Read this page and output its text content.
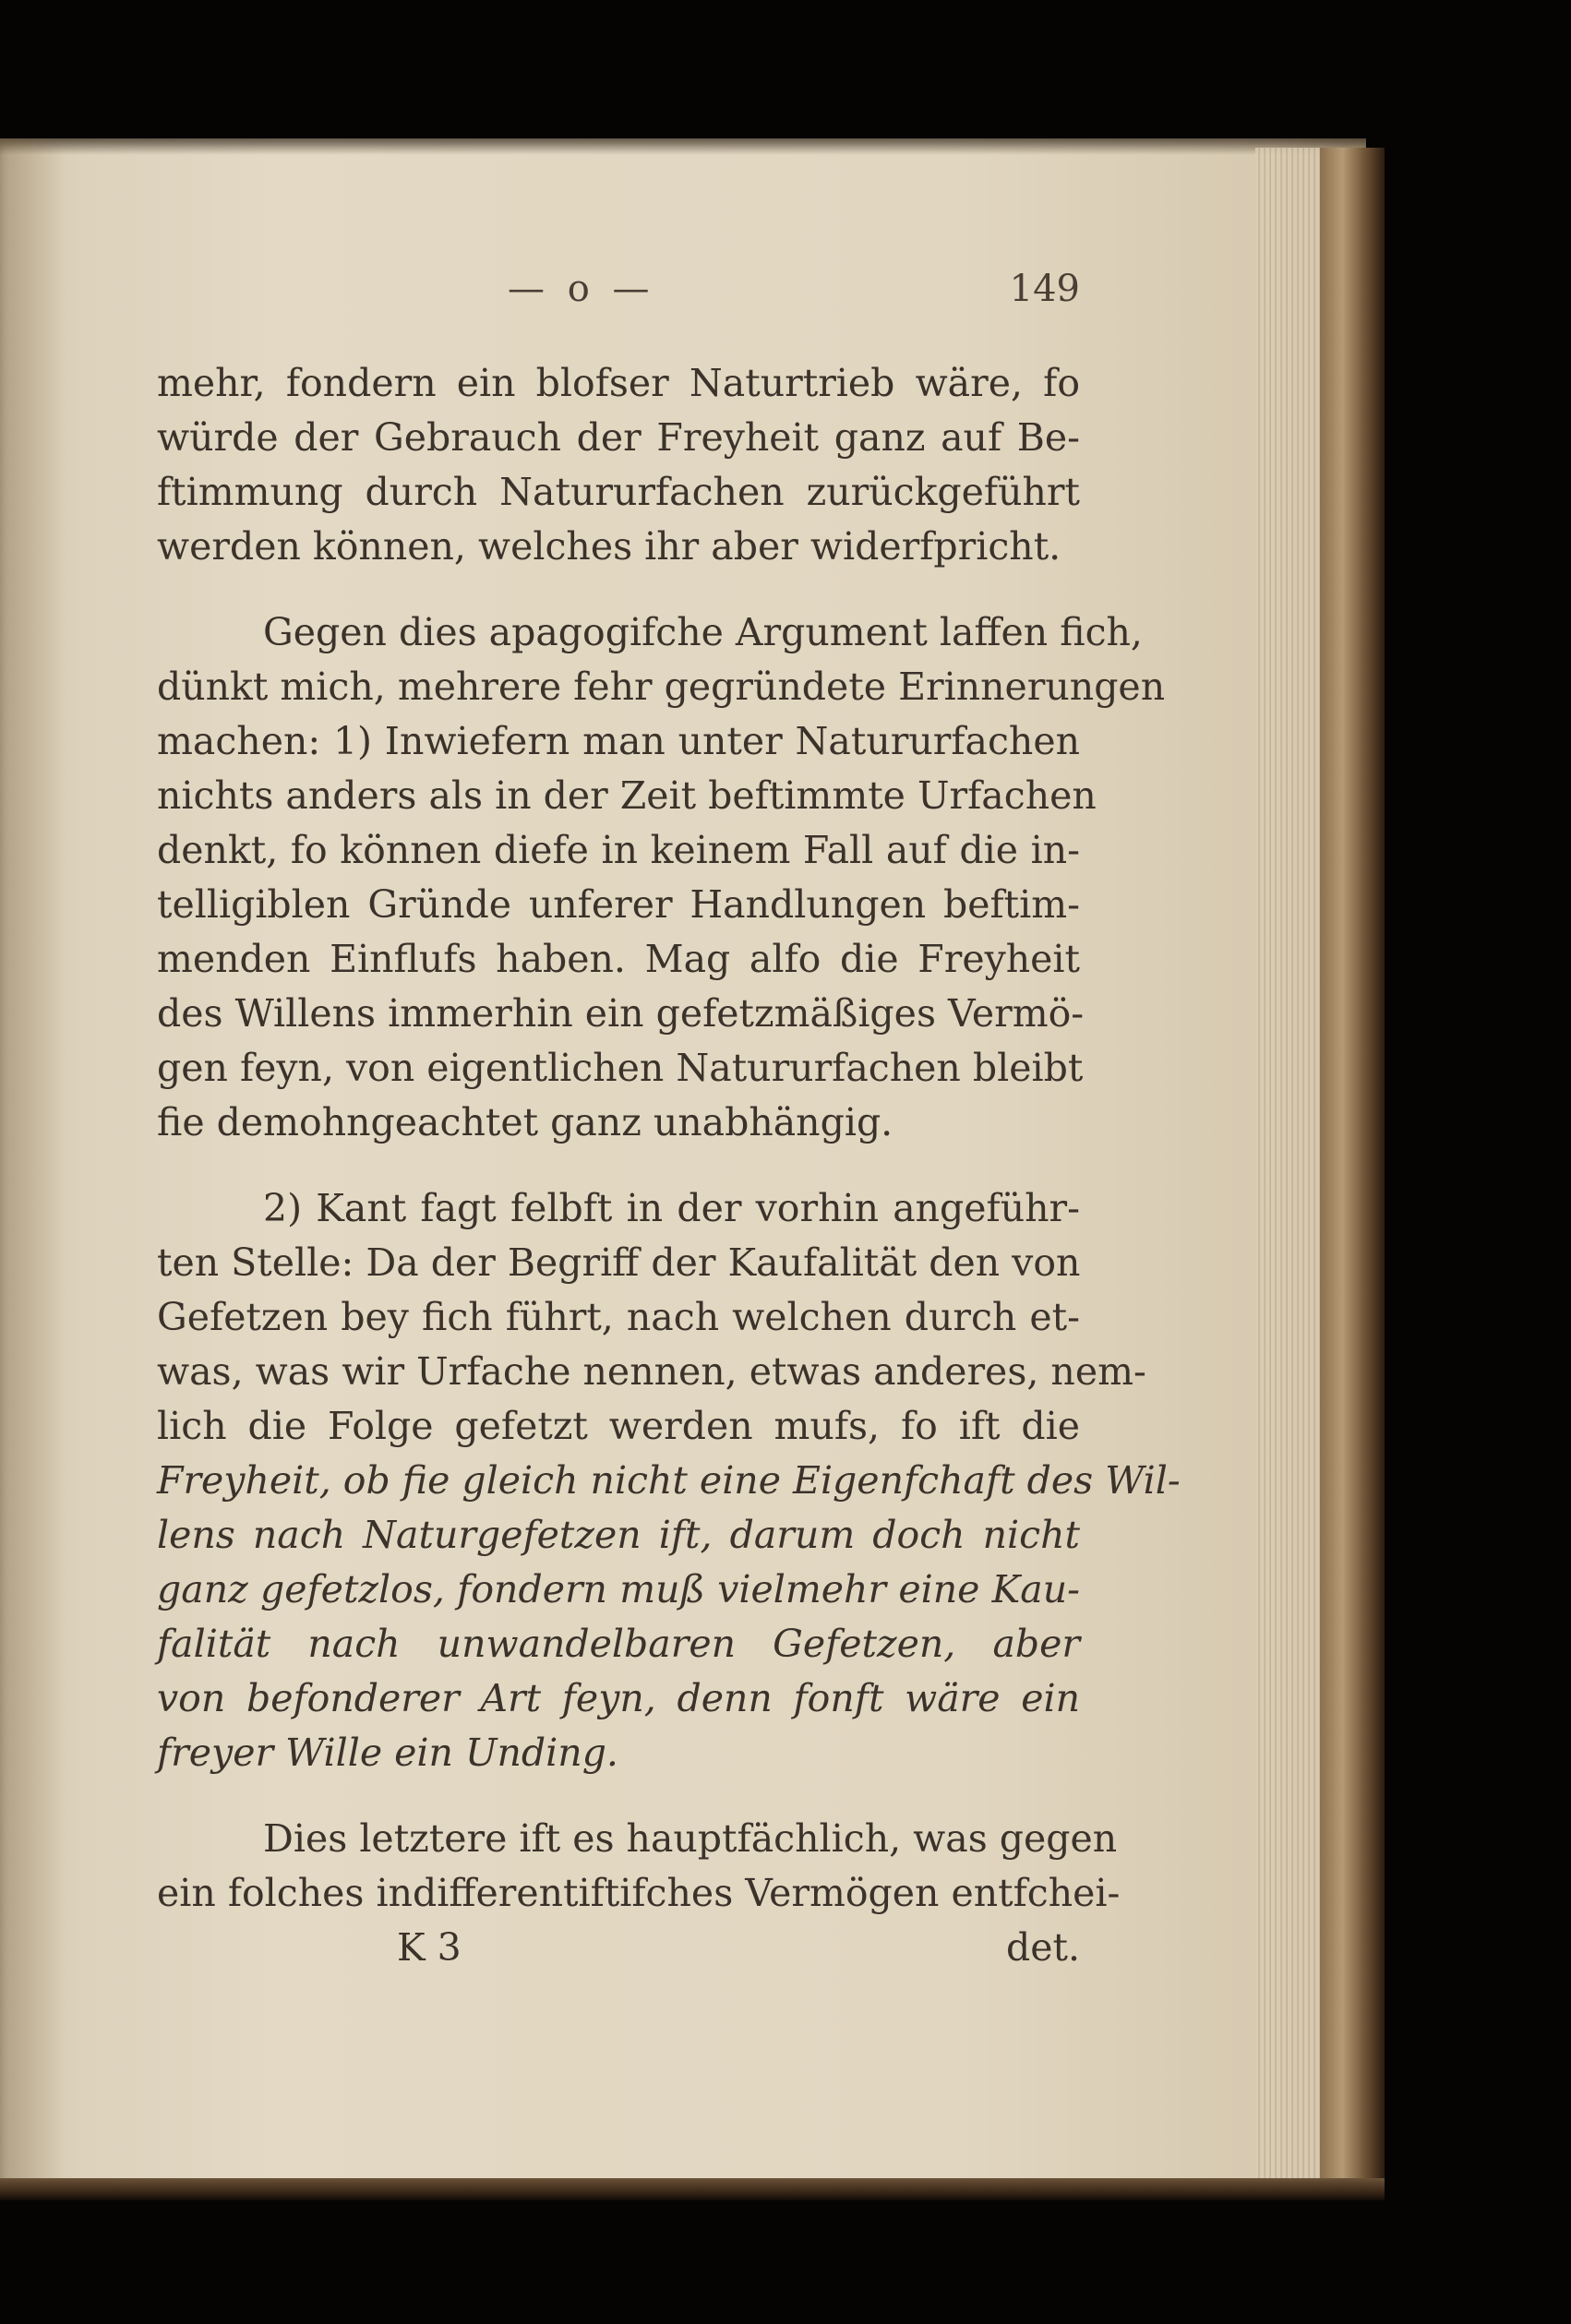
— o —	149
mehr, fondern ein blofser Naturtrieb wäre, fo
würde der Gebrauch der Freyheit ganz auf Be-
ftimmung durch Natururfachen zurückgeführt
werden können, welches ihr aber widerfpricht.
Gegen dies apagogifche Argument laffen fich,
dünkt mich, mehrere fehr gegründete Erinnerungen
machen: 1) Inwiefern man unter Natururfachen
nichts anders als in der Zeit beftimmte Urfachen
denkt, fo können diefe in keinem Fall auf die in-
telligiblen Gründe unferer Handlungen beftim-
menden Einflufs haben. Mag alfo die Freyheit
des Willens immerhin ein gefetzmäßiges Vermö-
gen feyn, von eigentlichen Natururfachen bleibt
fie demohngeachtet ganz unabhängig.
2) Kant fagt felbft in der vorhin angeführ-
ten Stelle: Da der Begriff der Kaufalität den von
Gefetzen bey fich führt, nach welchen durch et-
was, was wir Urfache nennen, etwas anderes, nem-
lich die Folge gefetzt werden mufs, fo ift die
Freyheit, ob fie gleich nicht eine Eigenfchaft des Wil-
lens nach Naturgefetzen ift, darum doch nicht
ganz gefetzlos, fondern muß vielmehr eine Kau-
falität nach unwandelbaren Gefetzen, aber
von befonderer Art feyn, denn fonft wäre ein
freyer Wille ein Unding.
Dies letztere ift es hauptfächlich, was gegen
ein folches indifferentiftifches Vermögen entfchei-
K 3	det.
